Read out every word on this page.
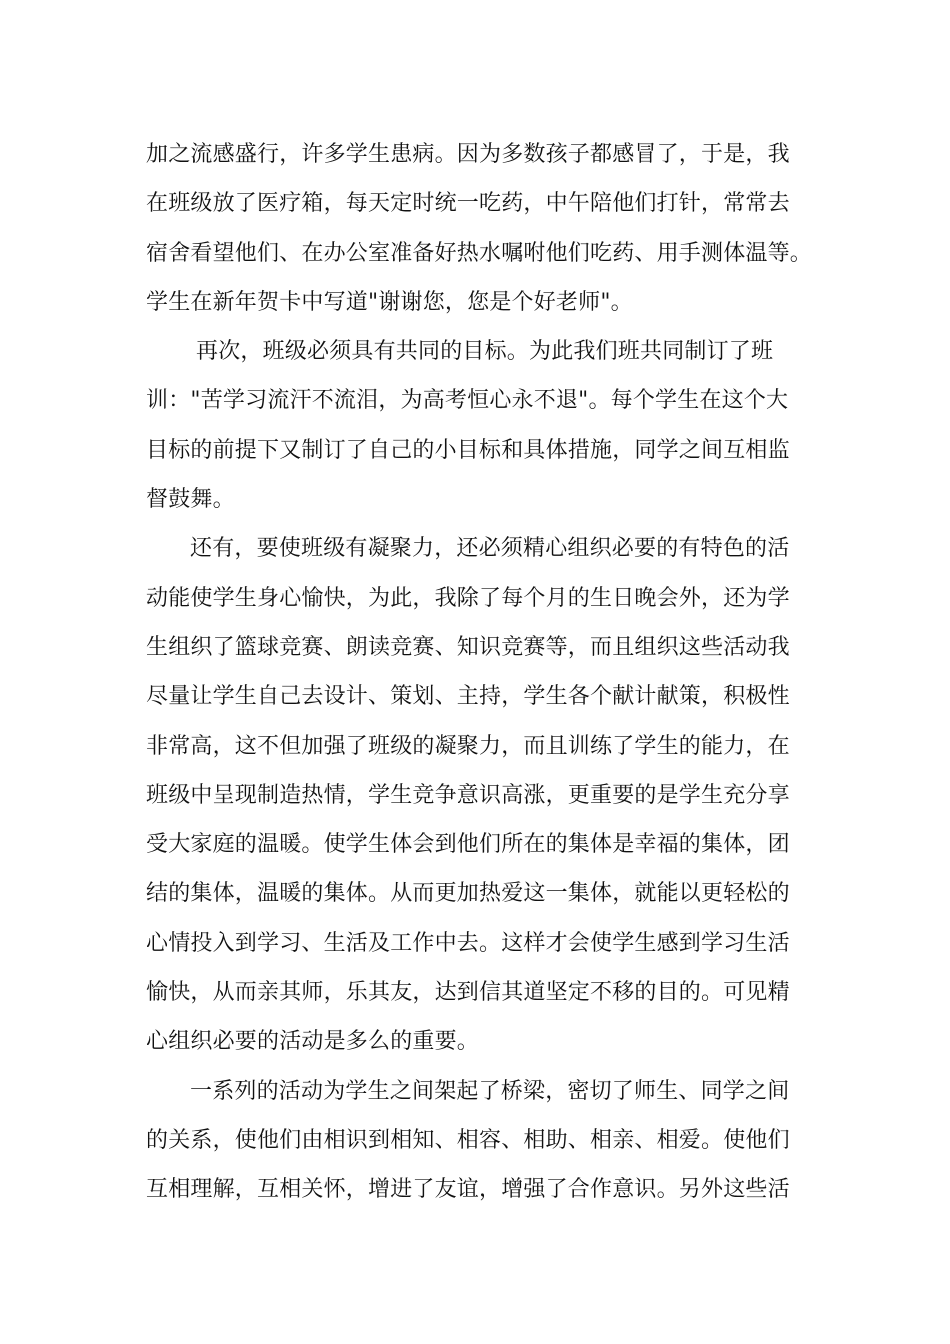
加之流感盛行，许多学生患病。因为多数孩子都感冒了，于是，我
在班级放了医疗箱，每天定时统一吃药，中午陪他们打针，常常去
宿舍看望他们、在办公室准备好热水嘱咐他们吃药、用手测体温等。
学生在新年贺卡中写道"谢谢您，您是个好老师"。
再次，班级必须具有共同的目标。为此我们班共同制订了班
训："苦学习流汗不流泪，为高考恒心永不退"。每个学生在这个大
目标的前提下又制订了自己的小目标和具体措施，同学之间互相监
督鼓舞。
还有，要使班级有凝聚力，还必须精心组织必要的有特色的活
动能使学生身心愉快，为此，我除了每个月的生日晚会外，还为学
生组织了篮球竞赛、朗读竞赛、知识竞赛等，而且组织这些活动我
尽量让学生自己去设计、策划、主持，学生各个献计献策，积极性
非常高，这不但加强了班级的凝聚力，而且训练了学生的能力，在
班级中呈现制造热情，学生竞争意识高涨，更重要的是学生充分享
受大家庭的温暖。使学生体会到他们所在的集体是幸福的集体，团
结的集体，温暖的集体。从而更加热爱这一集体，就能以更轻松的
心情投入到学习、生活及工作中去。这样才会使学生感到学习生活
愉快，从而亲其师，乐其友，达到信其道坚定不移的目的。可见精
心组织必要的活动是多么的重要。
一系列的活动为学生之间架起了桥梁，密切了师生、同学之间
的关系，使他们由相识到相知、相容、相助、相亲、相爱。使他们
互相理解，互相关怀，增进了友谊，增强了合作意识。另外这些活
